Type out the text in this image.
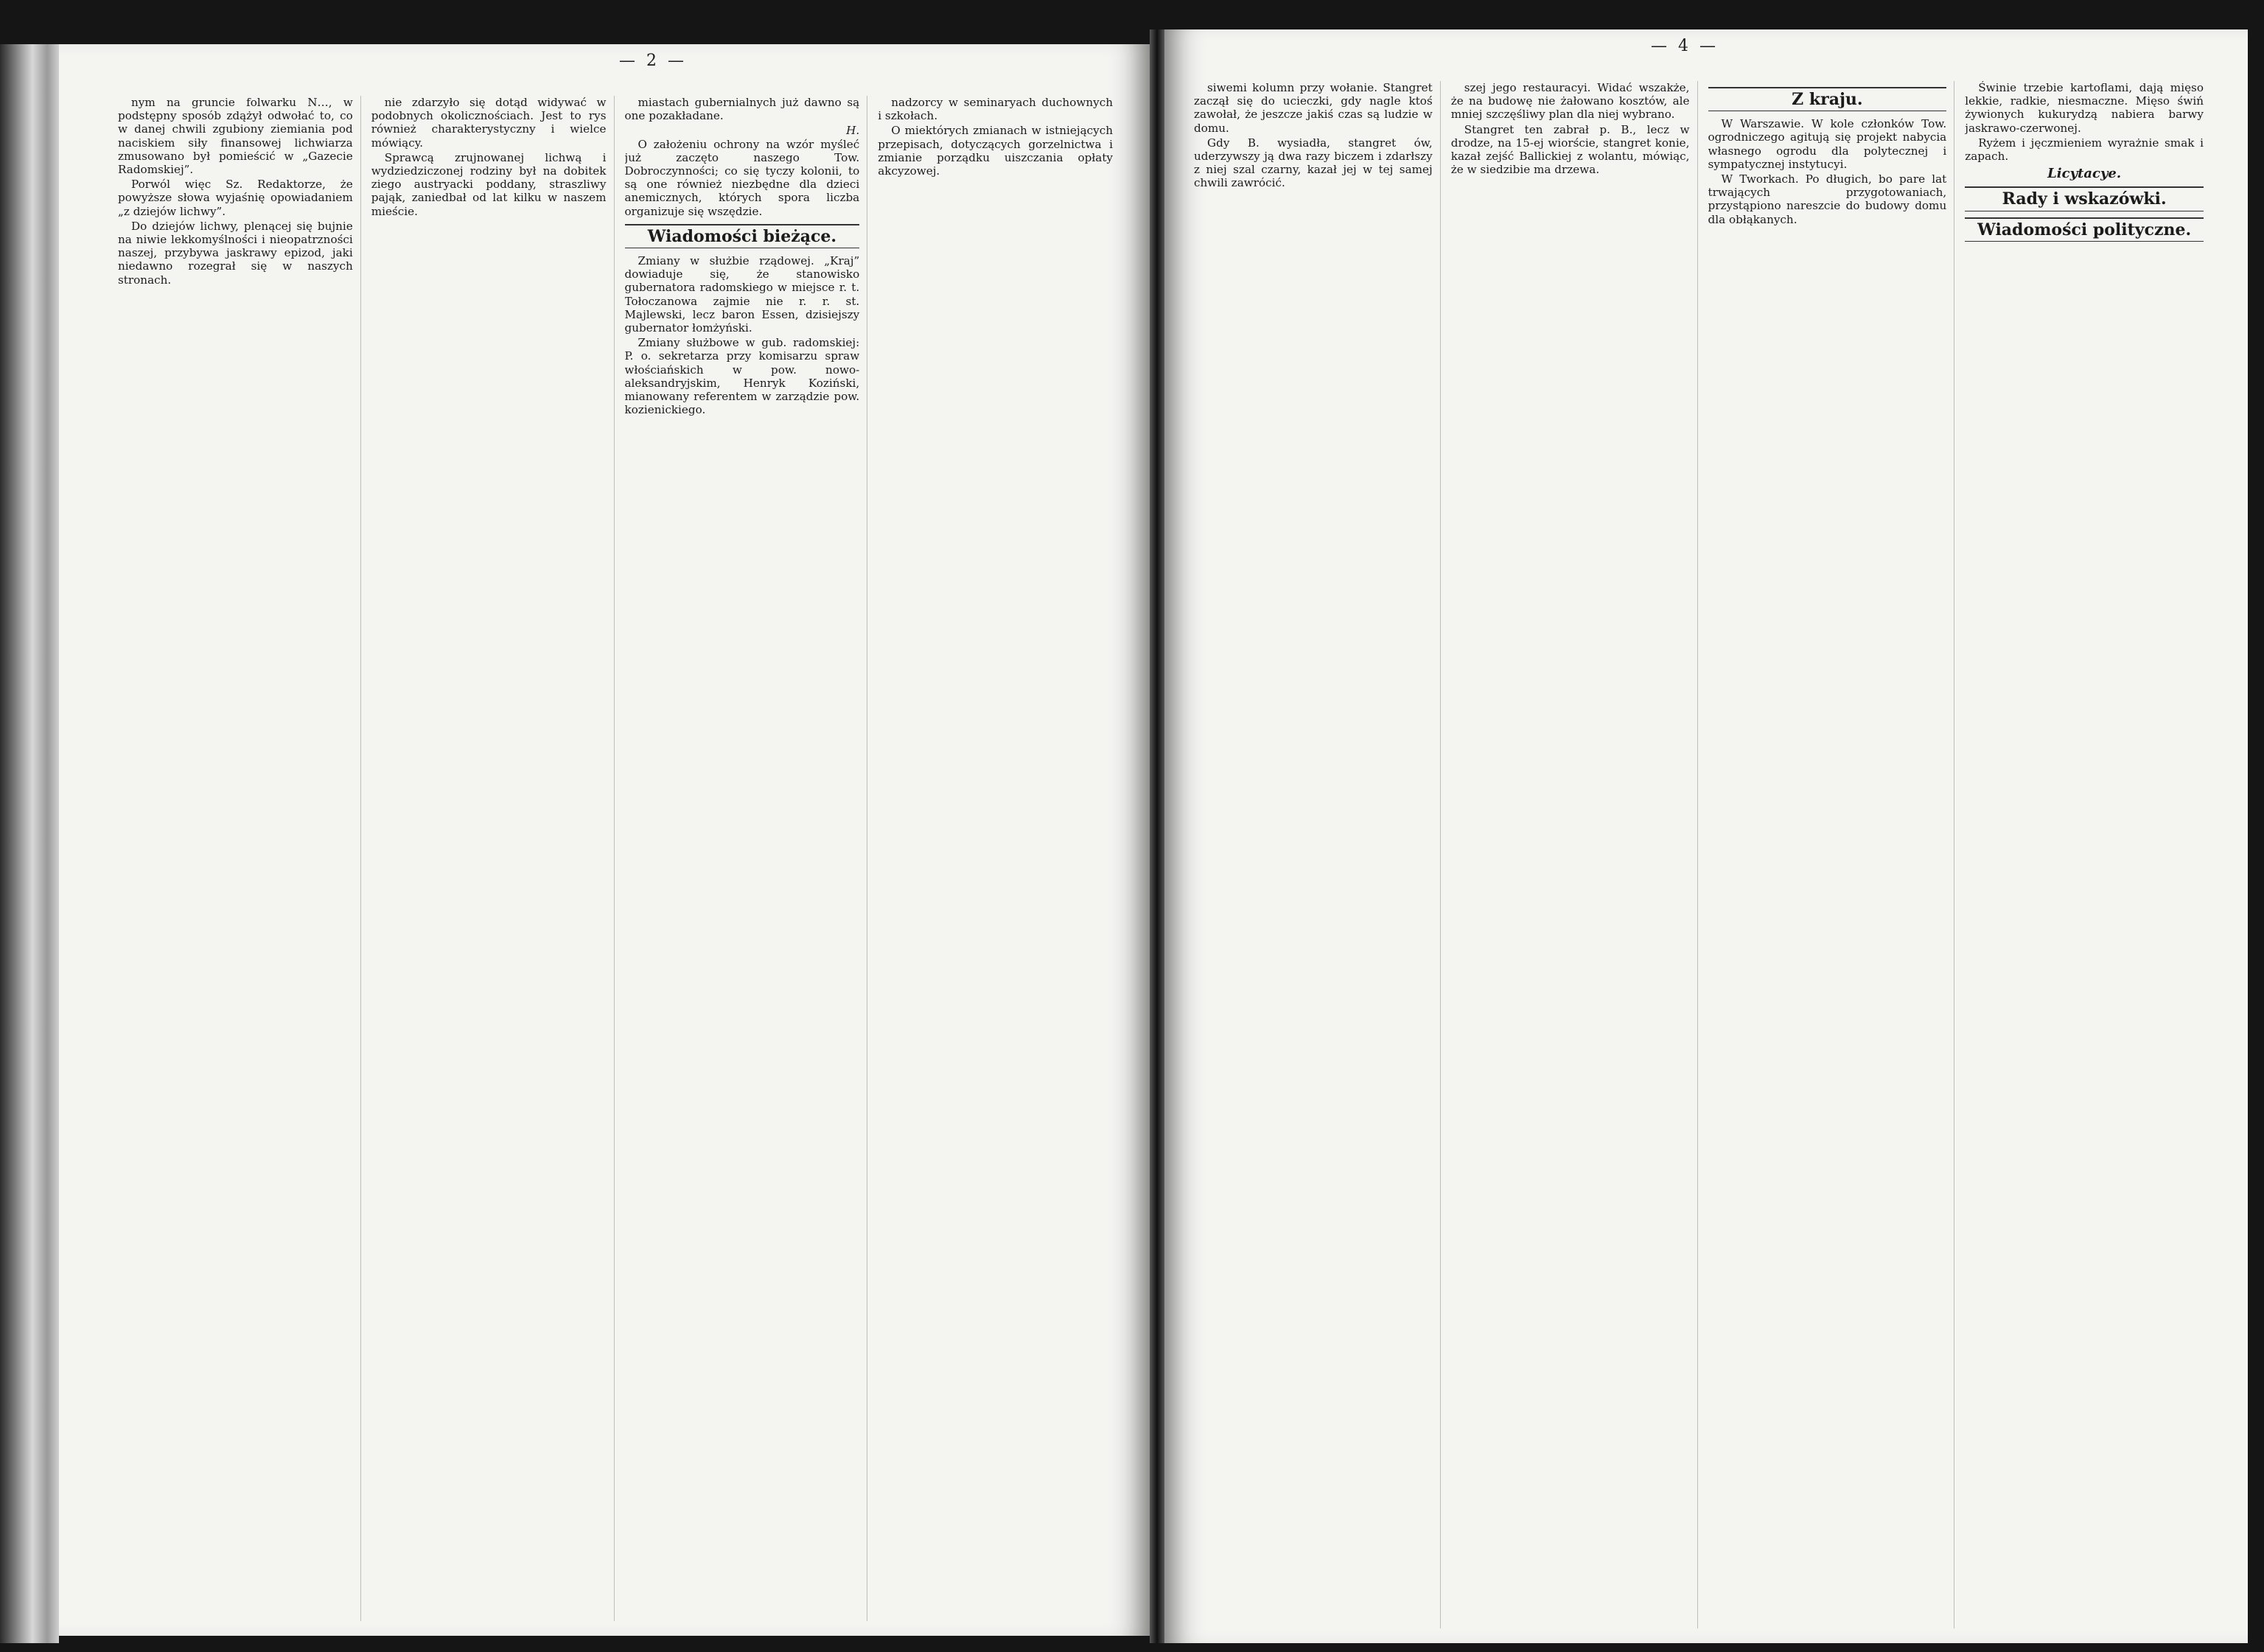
— 2 —

nym na gruncie folwarku N…, w podstępny sposób zdążył odwołać to, co w danej chwili zgubiony ziemiania pod naciskiem siły finansowej lichwiarza zmusowano był pomieścić w „Gazecie Radomskiej”.

Porwól więc Sz. Redaktorze, że powyższe słowa wyjaśnię opowiadaniem „z dziejów lichwy”.

Do dziejów lichwy, plenącej się bujnie na niwie lekkomyślności i nieopatrzności naszej, przybywa jaskrawy epizod, jaki niedawno rozegrał się w naszych stronach.

nie zdarzyło się dotąd widywać w podobnych okolicznościach. Jest to rys również charakterystyczny i wielce mówiący.

Sprawcą zrujnowanej lichwą i wydziedziczonej rodziny był na dobitek ziego austryacki poddany, straszliwy pająk, zaniedbał od lat kilku w naszem mieście.

miastach gubernialnych już dawno są one pozakładane.

H.

O założeniu ochrony na wzór myśleć już zaczęto naszego Tow. Dobroczynności; co się tyczy kolonii, to są one również niezbędne dla dzieci anemicznych, których spora liczba organizuje się wszędzie.

Wiadomości bieżące.

Zmiany w służbie rządowej. „Kraj” dowiaduje się, że stanowisko gubernatora radomskiego w miejsce r. t. Tołoczanowa zajmie nie r. r. st. Majlewski, lecz baron Essen, dzisiejszy gubernator łomżyński.

Zmiany służbowe w gub. radomskiej: P. o. sekretarza przy komisarzu spraw włościańskich w pow. nowo-aleksandryjskim, Henryk Koziński, mianowany referentem w zarządzie pow. kozienickiego.

nadzorcy w seminaryach duchownych i szkołach.

O miektórych zmianach w istniejących przepisach, dotyczących gorzelnictwa i zmianie porządku uiszczania opłaty akcyzowej.

— 4 —

siwemi kolumn przy wołanie. Stangret zaczął się do ucieczki, gdy nagle ktoś zawołał, że jeszcze jakiś czas są ludzie w domu.

Gdy B. wysiadła, stangret ów, uderzywszy ją dwa razy biczem i zdarłszy z niej szal czarny, kazał jej w tej samej chwili zawrócić.

szej jego restauracyi. Widać wszakże, że na budowę nie żałowano kosztów, ale mniej szczęśliwy plan dla niej wybrano.

Stangret ten zabrał p. B., lecz w drodze, na 15-ej wiorście, stangret konie, kazał zejść Ballickiej z wolantu, mówiąc, że w siedzibie ma drzewa.

Z kraju.

W Warszawie. W kole członków Tow. ogrodniczego agitują się projekt nabycia własnego ogrodu dla polytecznej i sympatycznej instytucyi.

W Tworkach. Po długich, bo pare lat trwających przygotowaniach, przystąpiono nareszcie do budowy domu dla obłąkanych.

Świnie trzebie kartoflami, dają mięso lekkie, radkie, niesmaczne. Mięso świń żywionych kukurydzą nabiera barwy jaskrawo-czerwonej.

Ryżem i jęczmieniem wyrażnie smak i zapach.

Licytacye.
Rady i wskazówki.
Wiadomości polityczne.
